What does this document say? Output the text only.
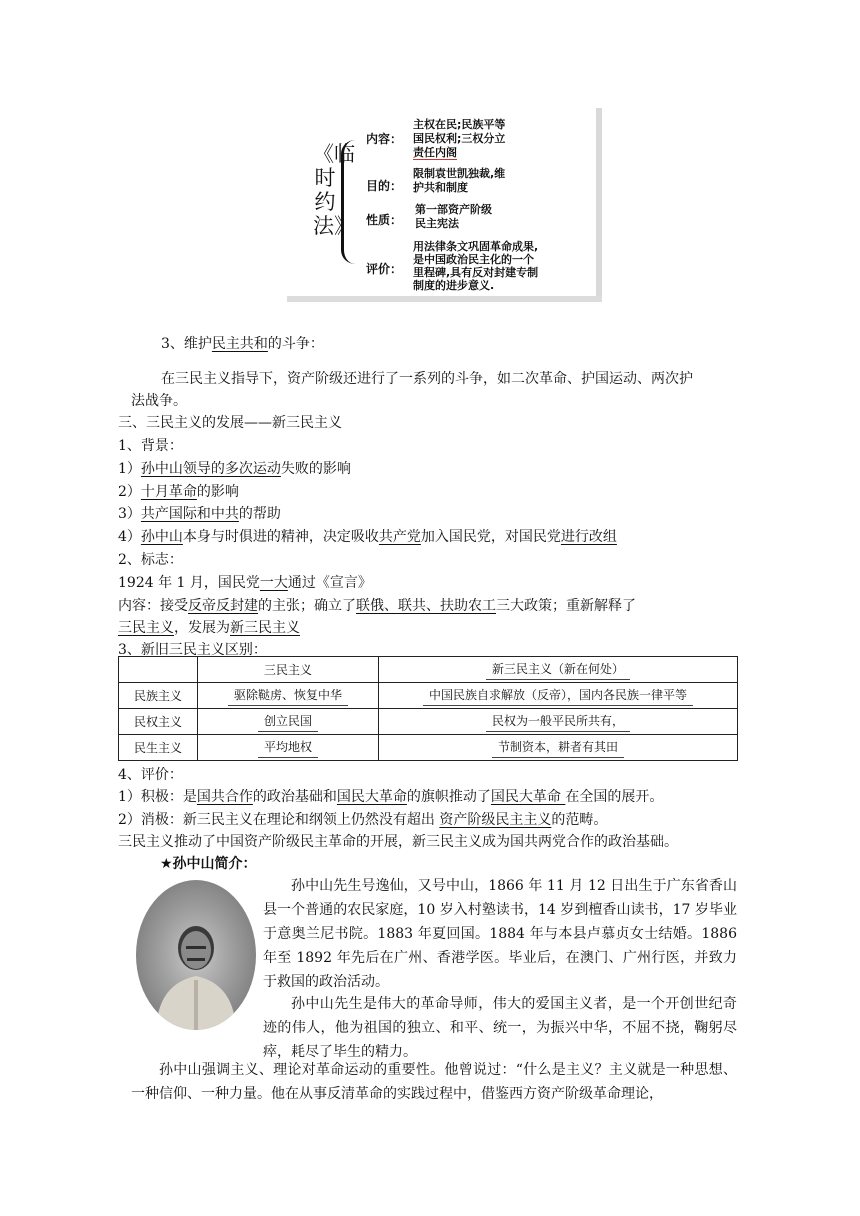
《临时约法》
内容：
主权在民;民族平等
国民权利;三权分立
责任内阁
目的：
限制袁世凯独裁,维
护共和制度
性质：
第一部资产阶级
民主宪法
评价：
用法律条文巩固革命成果,
是中国政治民主化的一个
里程碑,具有反对封建专制
制度的进步意义.
3、维护民主共和的斗争：
在三民主义指导下，资产阶级还进行了一系列的斗争，如二次革命、护国运动、两次护
法战争。
三、三民主义的发展——新三民主义
1、背景：
1）孙中山领导的多次运动失败的影响
2）十月革命的影响
3）共产国际和中共的帮助
4）孙中山本身与时俱进的精神，决定吸收共产党加入国民党，对国民党进行改组
2、标志：
1924 年 1 月，国民党一大通过《宣言》
内容：接受反帝反封建的主张；确立了联俄、联共、扶助农工三大政策；重新解释了
三民主义，发展为新三民主义
3、新旧三民主义区别：
	三民主义	新三民主义（新在何处）
民族主义	驱除鞑虏、恢复中华	中国民族自求解放（反帝），国内各民族一律平等
民权主义	创立民国	民权为一般平民所共有，
民生主义	平均地权	节制资本，耕者有其田
4、评价：
1）积极：是国共合作的政治基础和国民大革命的旗帜推动了国民大革命 在全国的展开。
2）消极：新三民主义在理论和纲领上仍然没有超出 资产阶级民主主义的范畴。
三民主义推动了中国资产阶级民主革命的开展，新三民主义成为国共两党合作的政治基础。
★孙中山简介：
孙中山先生号逸仙，又号中山，1866 年 11 月 12 日出生于广东省香山县一个普通的农民家庭，10 岁入村塾读书，14 岁到檀香山读书，17 岁毕业于意奥兰尼书院。1883 年夏回国。1884 年与本县卢慕贞女士结婚。1886 年至 1892 年先后在广州、香港学医。毕业后，在澳门、广州行医，并致力于救国的政治活动。
孙中山先生是伟大的革命导师，伟大的爱国主义者，是一个开创世纪奇迹的伟人，他为祖国的独立、和平、统一，为振兴中华，不屈不挠，鞠躬尽瘁，耗尽了毕生的精力。
孙中山强调主义、理论对革命运动的重要性。他曾说过：“什么是主义？主义就是一种思想、一种信仰、一种力量。他在从事反清革命的实践过程中，借鉴西方资产阶级革命理论，
